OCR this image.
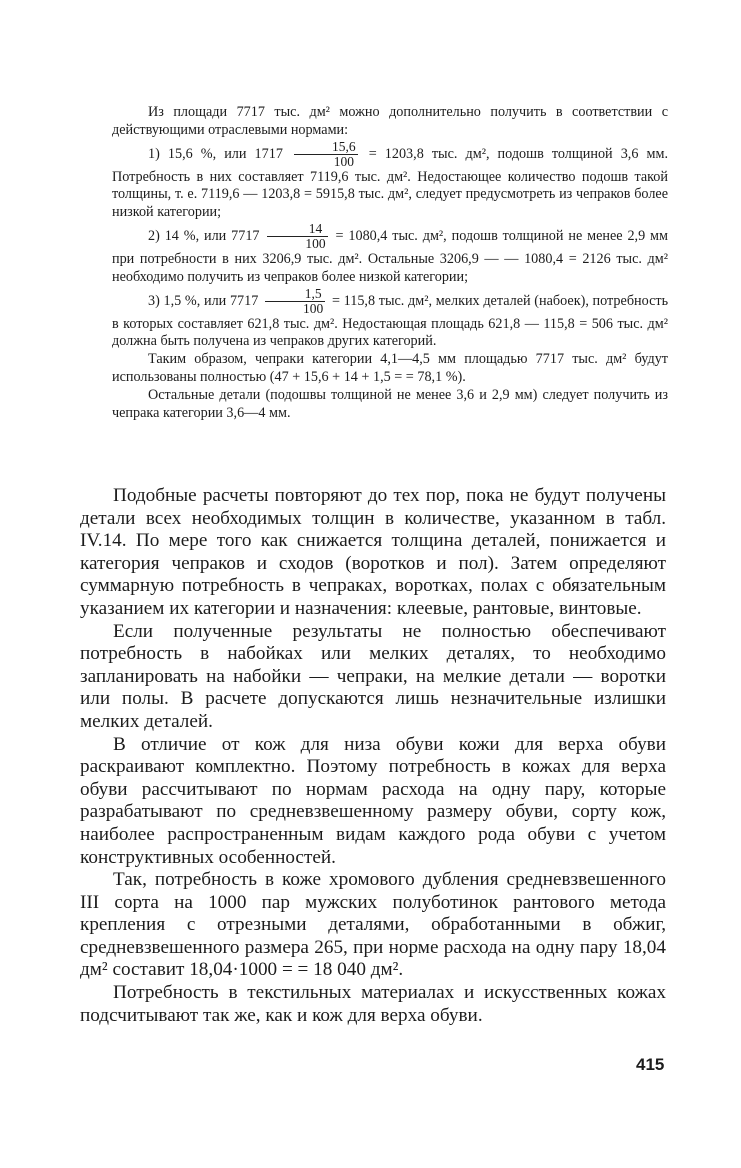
Из площади 7717 тыс. дм² можно дополнительно получить в соответствии с действующими отраслевыми нормами:

1) 15,6 %, или $1717 \frac{15,6}{100} = 1203,8$ тыс. дм², подошв толщиной 3,6 мм. Потребность в них составляет 7119,6 тыс. дм². Недостающее количество подошв такой толщины, т. е. 7119,6 — 1203,8 = 5915,8 тыс. дм², следует предусмотреть из чепраков более низкой категории;

2) 14 %, или $7717 \frac{14}{100} = 1080,4$ тыс. дм², подошв толщиной не менее 2,9 мм при потребности в них 3206,9 тыс. дм². Остальные 3206,9 — — 1080,4 = 2126 тыс. дм² необходимо получить из чепраков более низкой категории;

3) 1,5 %, или $7717 \frac{1,5}{100} = 115,8$ тыс. дм², мелких деталей (набоек), потребность в которых составляет 621,8 тыс. дм². Недостающая площадь 621,8 — 115,8 = 506 тыс. дм² должна быть получена из чепраков других категорий.

Таким образом, чепраки категории 4,1—4,5 мм площадью 7717 тыс. дм² будут использованы полностью (47 + 15,6 + 14 + 1,5 = = 78,1 %).

Остальные детали (подошвы толщиной не менее 3,6 и 2,9 мм) следует получить из чепрака категории 3,6—4 мм.

Подобные расчеты повторяют до тех пор, пока не будут получены детали всех необходимых толщин в количестве, указанном в табл. IV.14. По мере того как снижается толщина деталей, понижается и категория чепраков и сходов (воротков и пол). Затем определяют суммарную потребность в чепраках, воротках, полах с обязательным указанием их категории и назначения: клеевые, рантовые, винтовые.

Если полученные результаты не полностью обеспечивают потребность в набойках или мелких деталях, то необходимо запланировать на набойки — чепраки, на мелкие детали — воротки или полы. В расчете допускаются лишь незначительные излишки мелких деталей.

В отличие от кож для низа обуви кожи для верха обуви раскраивают комплектно. Поэтому потребность в кожах для верха обуви рассчитывают по нормам расхода на одну пару, которые разрабатывают по средневзвешенному размеру обуви, сорту кож, наиболее распространенным видам каждого рода обуви с учетом конструктивных особенностей.

Так, потребность в коже хромового дубления средневзвешенного III сорта на 1000 пар мужских полуботинок рантового метода крепления с отрезными деталями, обработанными в обжиг, средневзвешенного размера 265, при норме расхода на одну пару 18,04 дм² составит 18,04·1000 = = 18 040 дм².

Потребность в текстильных материалах и искусственных кожах подсчитывают так же, как и кож для верха обуви.

415
